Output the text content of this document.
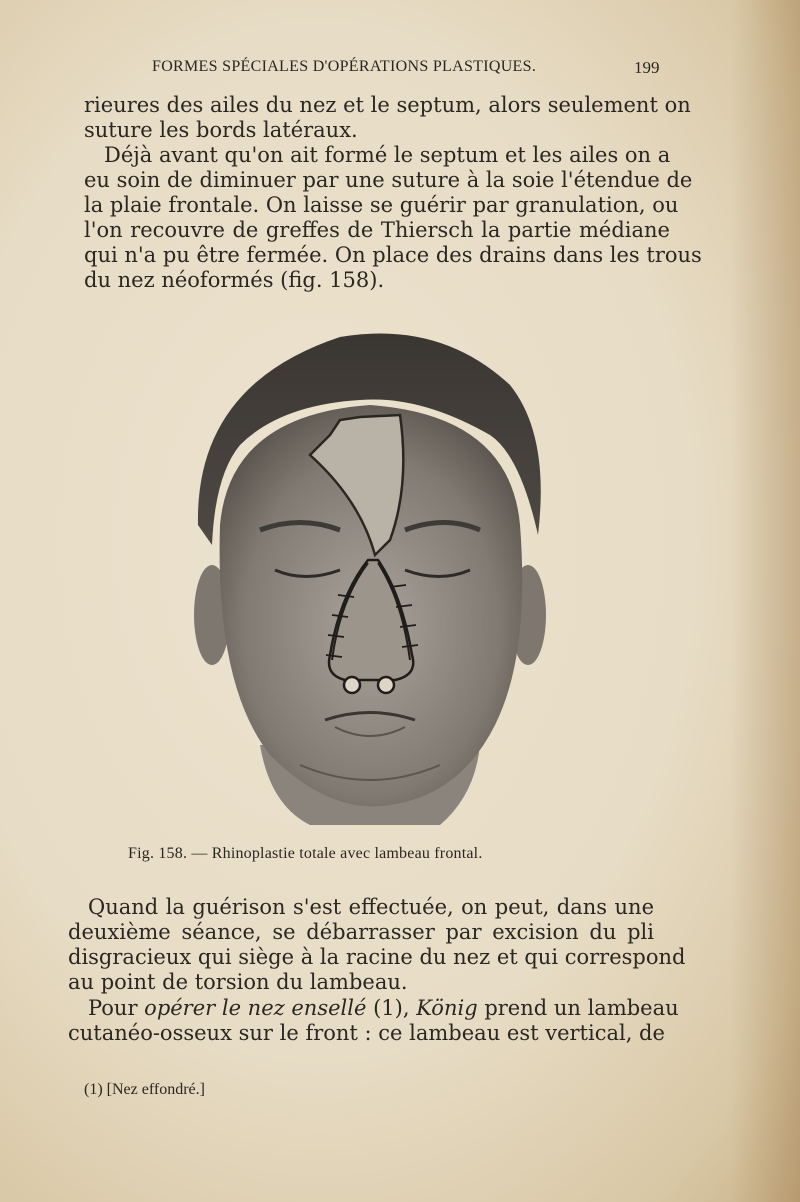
FORMES SPÉCIALES D'OPÉRATIONS PLASTIQUES.	199
rieures des ailes du nez et le septum, alors seulement on
suture les bords latéraux.
Déjà avant qu'on ait formé le septum et les ailes on a
eu soin de diminuer par une suture à la soie l'étendue de
la plaie frontale. On laisse se guérir par granulation, ou
l'on recouvre de greffes de Thiersch la partie médiane
qui n'a pu être fermée. On place des drains dans les trous
du nez néoformés (fig. 158).
Fig. 158. — Rhinoplastie totale avec lambeau frontal.
Quand la guérison s'est effectuée, on peut, dans une
deuxième séance, se débarrasser par excision du pli
disgracieux qui siège à la racine du nez et qui correspond
au point de torsion du lambeau.
Pour opérer le nez ensellé (1), König prend un lambeau
cutanéo-osseux sur le front : ce lambeau est vertical, de
(1) [Nez effondré.]
